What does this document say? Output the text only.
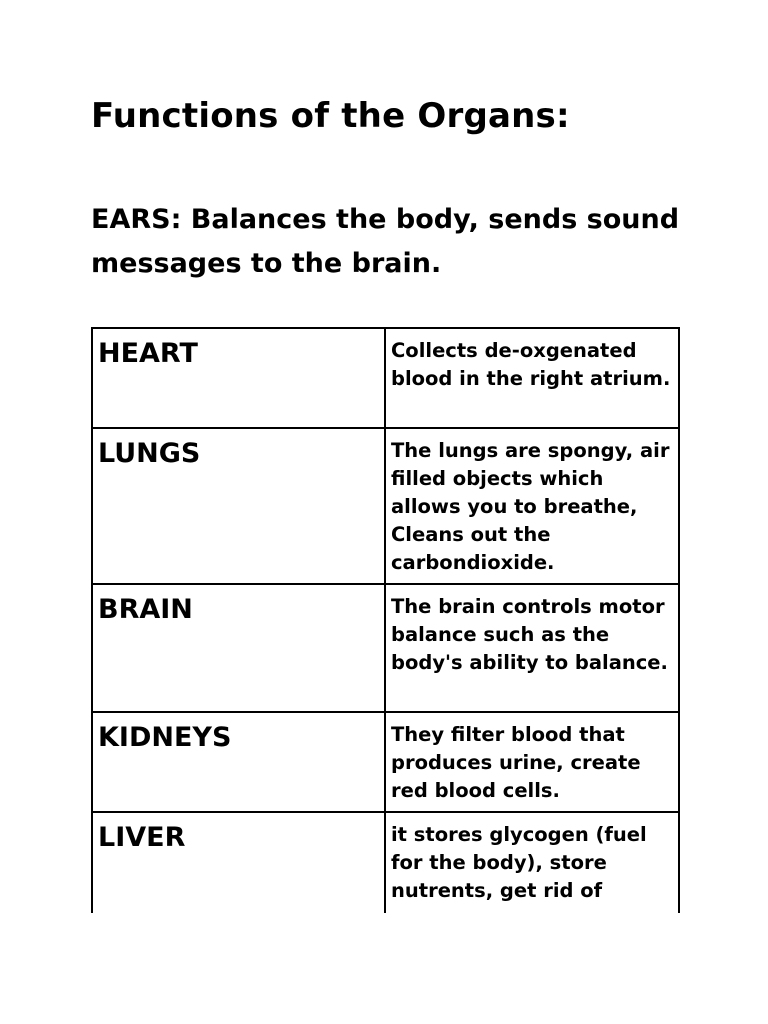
Functions of the Organs:

EARS: Balances the body, sends sound messages to the brain.

HEART	Collects de-oxgenated blood in the right atrium.

LUNGS	The lungs are spongy, air filled objects which allows you to breathe, Cleans out the carbondioxide.

BRAIN	The brain controls motor balance such as the body's ability to balance.

KIDNEYS	They filter blood that produces urine, create red blood cells.

LIVER	it stores glycogen (fuel for the body), store nutrents, get rid of
